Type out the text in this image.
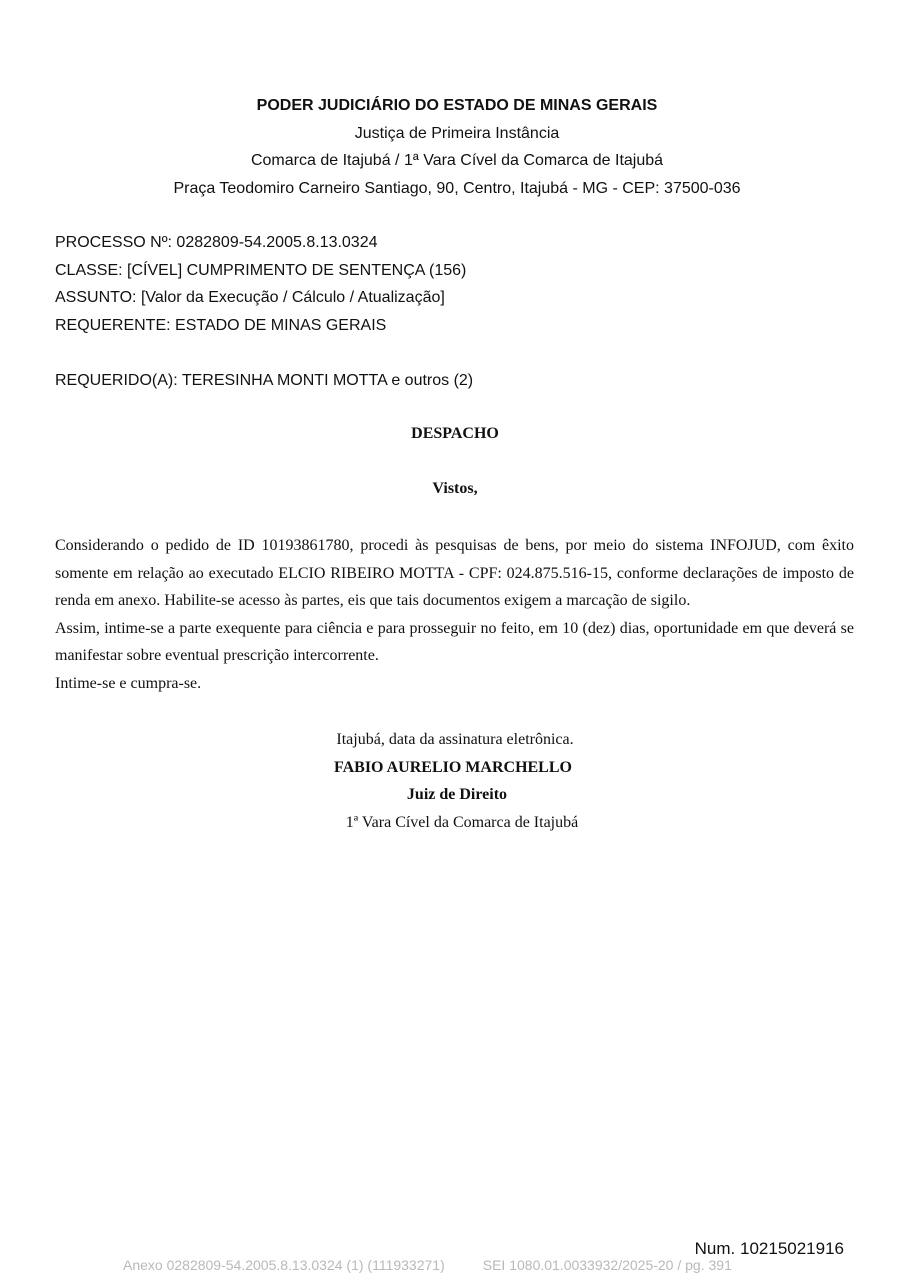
PODER JUDICIÁRIO DO ESTADO DE MINAS GERAIS
Justiça de Primeira Instância
Comarca de Itajubá / 1ª Vara Cível da Comarca de Itajubá
Praça Teodomiro Carneiro Santiago, 90, Centro, Itajubá - MG - CEP: 37500-036
PROCESSO Nº: 0282809-54.2005.8.13.0324
CLASSE: [CÍVEL] CUMPRIMENTO DE SENTENÇA (156)
ASSUNTO: [Valor da Execução / Cálculo / Atualização]
REQUERENTE: ESTADO DE MINAS GERAIS
REQUERIDO(A): TERESINHA MONTI MOTTA e outros (2)
DESPACHO
Vistos,

Considerando o pedido de ID 10193861780, procedi às pesquisas de bens, por meio do sistema INFOJUD, com êxito somente em relação ao executado ELCIO RIBEIRO MOTTA - CPF: 024.875.516-15, conforme declarações de imposto de renda em anexo. Habilite-se acesso às partes, eis que tais documentos exigem a marcação de sigilo.

Assim, intime-se a parte exequente para ciência e para prosseguir no feito, em 10 (dez) dias, oportunidade em que deverá se manifestar sobre eventual prescrição intercorrente.

Intime-se e cumpra-se.

Itajubá, data da assinatura eletrônica.
FABIO AURELIO MARCHELLO
Juiz de Direito
1ª Vara Cível da Comarca de Itajubá
Num. 10215021916
Anexo 0282809-54.2005.8.13.0324 (1) (111933271)	SEI 1080.01.0033932/2025-20 / pg. 391
